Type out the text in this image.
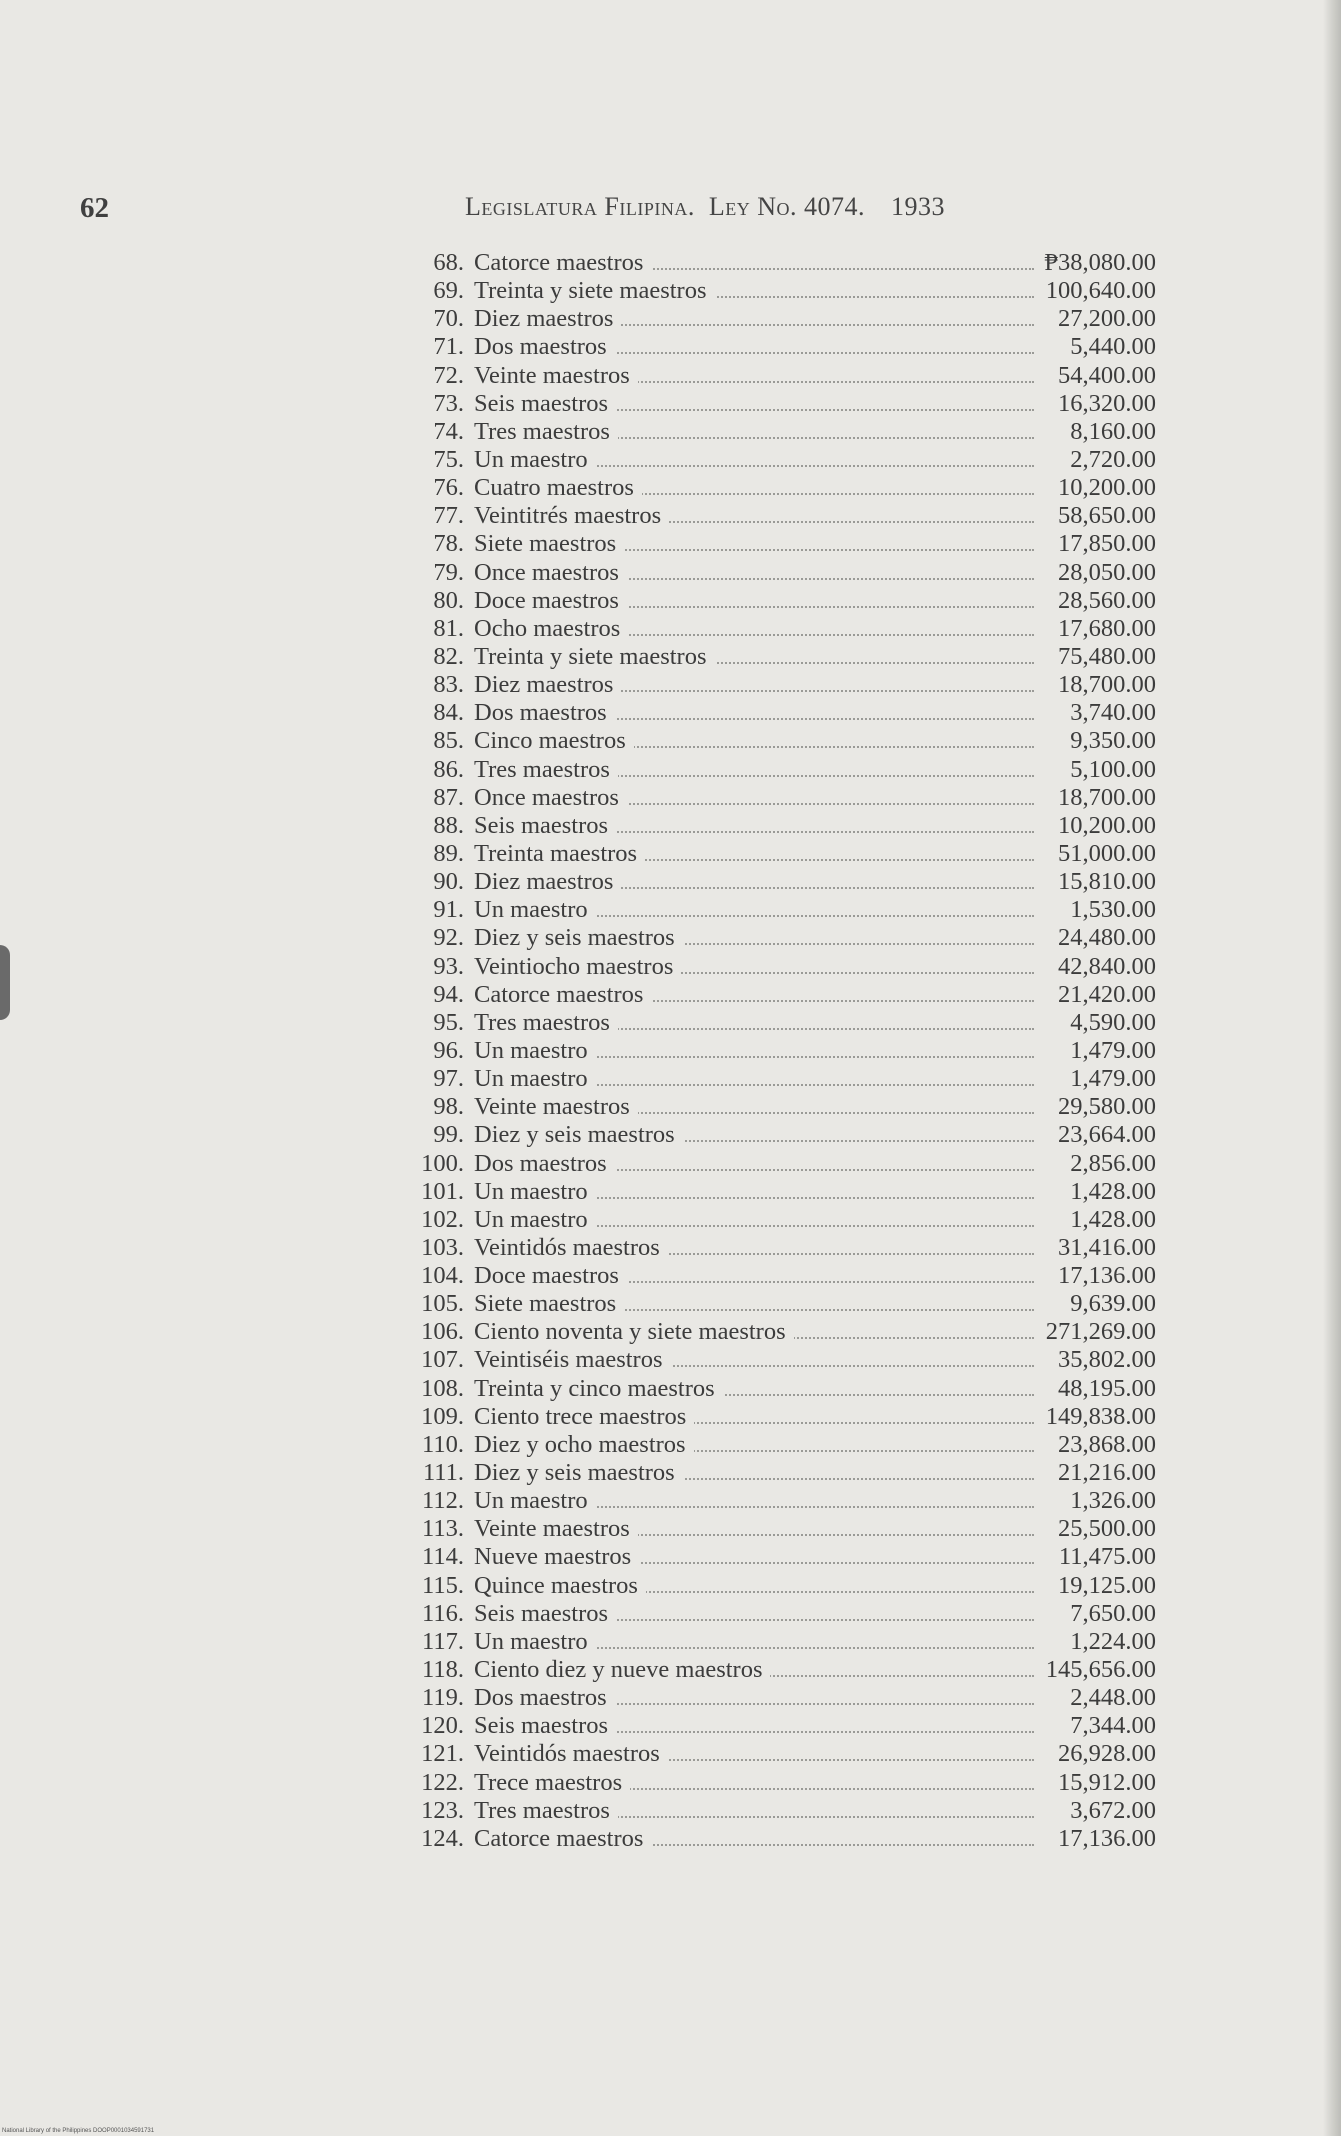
62	Legislatura Filipina.  Ley No. 4074. 1933
68. Catorce maestros	₱38,080.00
69. Treinta y siete maestros	100,640.00
70. Diez maestros	27,200.00
71. Dos maestros	5,440.00
72. Veinte maestros	54,400.00
73. Seis maestros	16,320.00
74. Tres maestros	8,160.00
75. Un maestro	2,720.00
76. Cuatro maestros	10,200.00
77. Veintitrés maestros	58,650.00
78. Siete maestros	17,850.00
79. Once maestros	28,050.00
80. Doce maestros	28,560.00
81. Ocho maestros	17,680.00
82. Treinta y siete maestros	75,480.00
83. Diez maestros	18,700.00
84. Dos maestros	3,740.00
85. Cinco maestros	9,350.00
86. Tres maestros	5,100.00
87. Once maestros	18,700.00
88. Seis maestros	10,200.00
89. Treinta maestros	51,000.00
90. Diez maestros	15,810.00
91. Un maestro	1,530.00
92. Diez y seis maestros	24,480.00
93. Veintiocho maestros	42,840.00
94. Catorce maestros	21,420.00
95. Tres maestros	4,590.00
96. Un maestro	1,479.00
97. Un maestro	1,479.00
98. Veinte maestros	29,580.00
99. Diez y seis maestros	23,664.00
100. Dos maestros	2,856.00
101. Un maestro	1,428.00
102. Un maestro	1,428.00
103. Veintidós maestros	31,416.00
104. Doce maestros	17,136.00
105. Siete maestros	9,639.00
106. Ciento noventa y siete maestros	271,269.00
107. Veintiséis maestros	35,802.00
108. Treinta y cinco maestros	48,195.00
109. Ciento trece maestros	149,838.00
110. Diez y ocho maestros	23,868.00
111. Diez y seis maestros	21,216.00
112. Un maestro	1,326.00
113. Veinte maestros	25,500.00
114. Nueve maestros	11,475.00
115. Quince maestros	19,125.00
116. Seis maestros	7,650.00
117. Un maestro	1,224.00
118. Ciento diez y nueve maestros	145,656.00
119. Dos maestros	2,448.00
120. Seis maestros	7,344.00
121. Veintidós maestros	26,928.00
122. Trece maestros	15,912.00
123. Tres maestros	3,672.00
124. Catorce maestros	17,136.00
National Library of the Philippines DOOP0001034591731
